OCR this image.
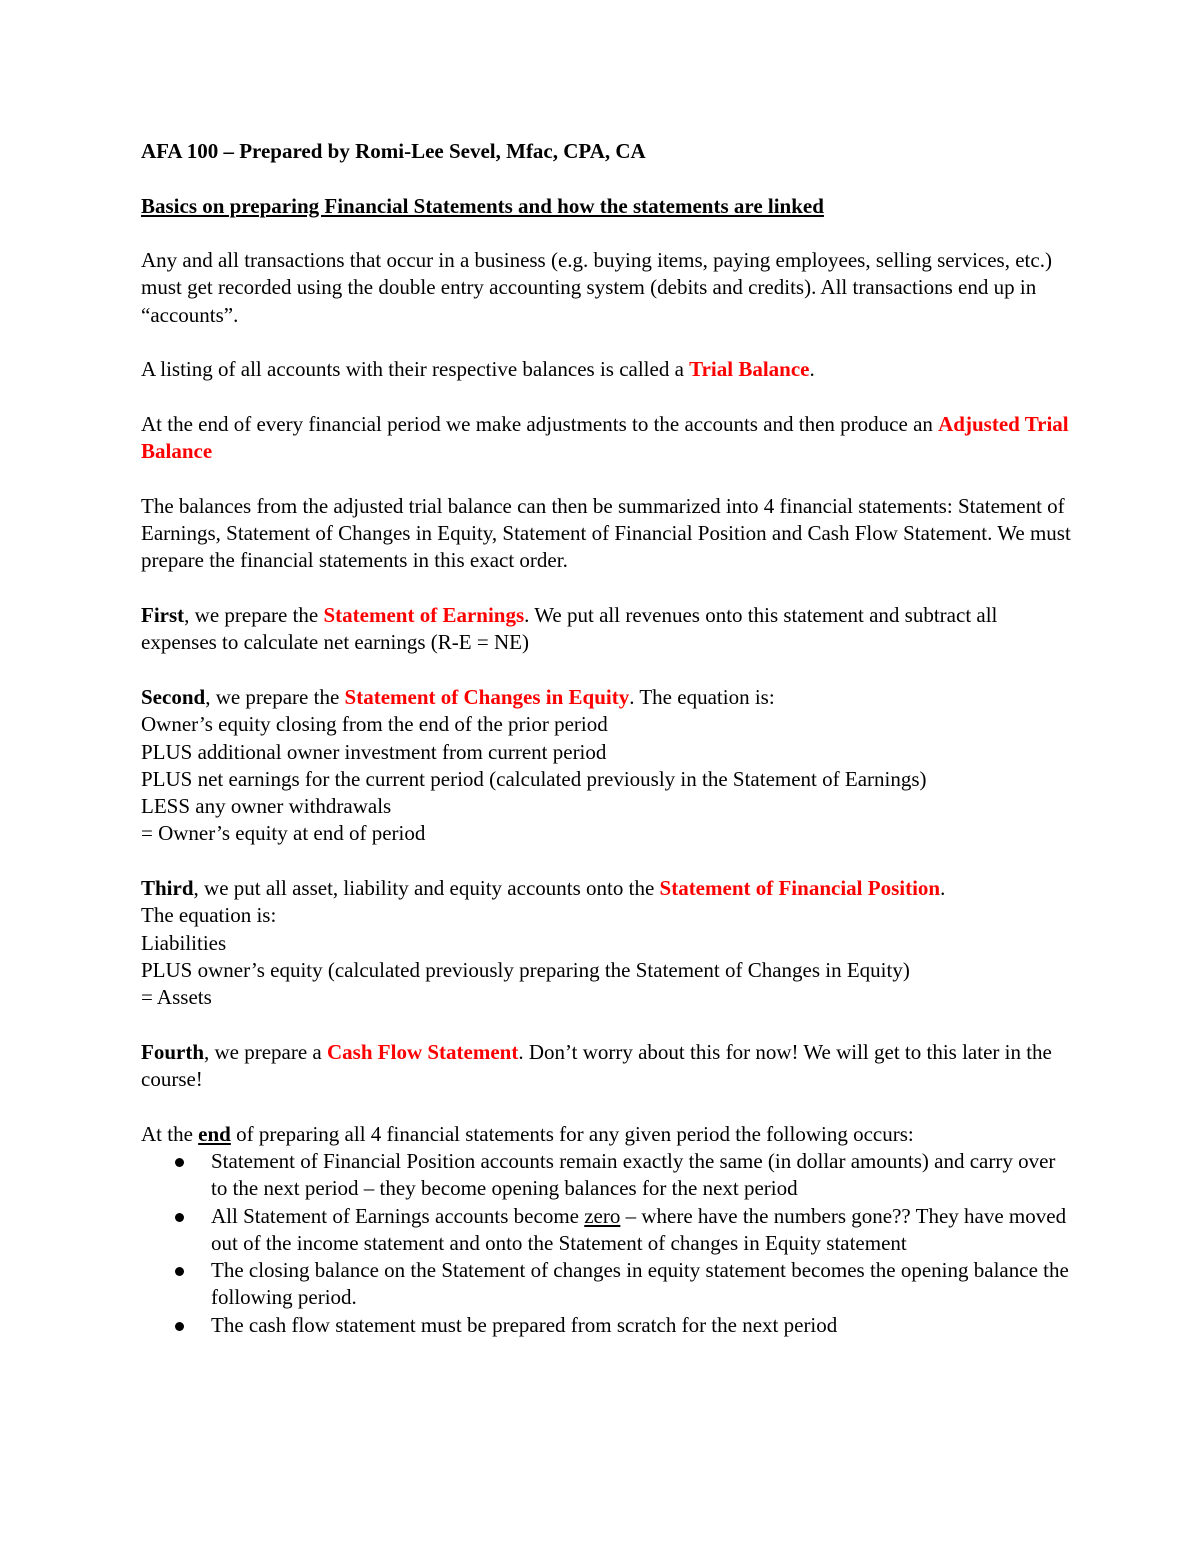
AFA 100 – Prepared by Romi-Lee Sevel, Mfac, CPA, CA

Basics on preparing Financial Statements and how the statements are linked

Any and all transactions that occur in a business (e.g. buying items, paying employees, selling services, etc.) must get recorded using the double entry accounting system (debits and credits). All transactions end up in “accounts”.

A listing of all accounts with their respective balances is called a Trial Balance.

At the end of every financial period we make adjustments to the accounts and then produce an Adjusted Trial Balance

The balances from the adjusted trial balance can then be summarized into 4 financial statements: Statement of Earnings, Statement of Changes in Equity, Statement of Financial Position and Cash Flow Statement. We must prepare the financial statements in this exact order.

First, we prepare the Statement of Earnings. We put all revenues onto this statement and subtract all expenses to calculate net earnings (R-E = NE)

Second, we prepare the Statement of Changes in Equity. The equation is:
Owner’s equity closing from the end of the prior period
PLUS additional owner investment from current period
PLUS net earnings for the current period (calculated previously in the Statement of Earnings)
LESS any owner withdrawals
= Owner’s equity at end of period

Third, we put all asset, liability and equity accounts onto the Statement of Financial Position.
The equation is:
Liabilities
PLUS owner’s equity (calculated previously preparing the Statement of Changes in Equity)
= Assets

Fourth, we prepare a Cash Flow Statement. Don’t worry about this for now! We will get to this later in the course!

At the end of preparing all 4 financial statements for any given period the following occurs:
Statement of Financial Position accounts remain exactly the same (in dollar amounts) and carry over to the next period – they become opening balances for the next period
All Statement of Earnings accounts become zero – where have the numbers gone?? They have moved out of the income statement and onto the Statement of changes in Equity statement
The closing balance on the Statement of changes in equity statement becomes the opening balance the following period.
The cash flow statement must be prepared from scratch for the next period
